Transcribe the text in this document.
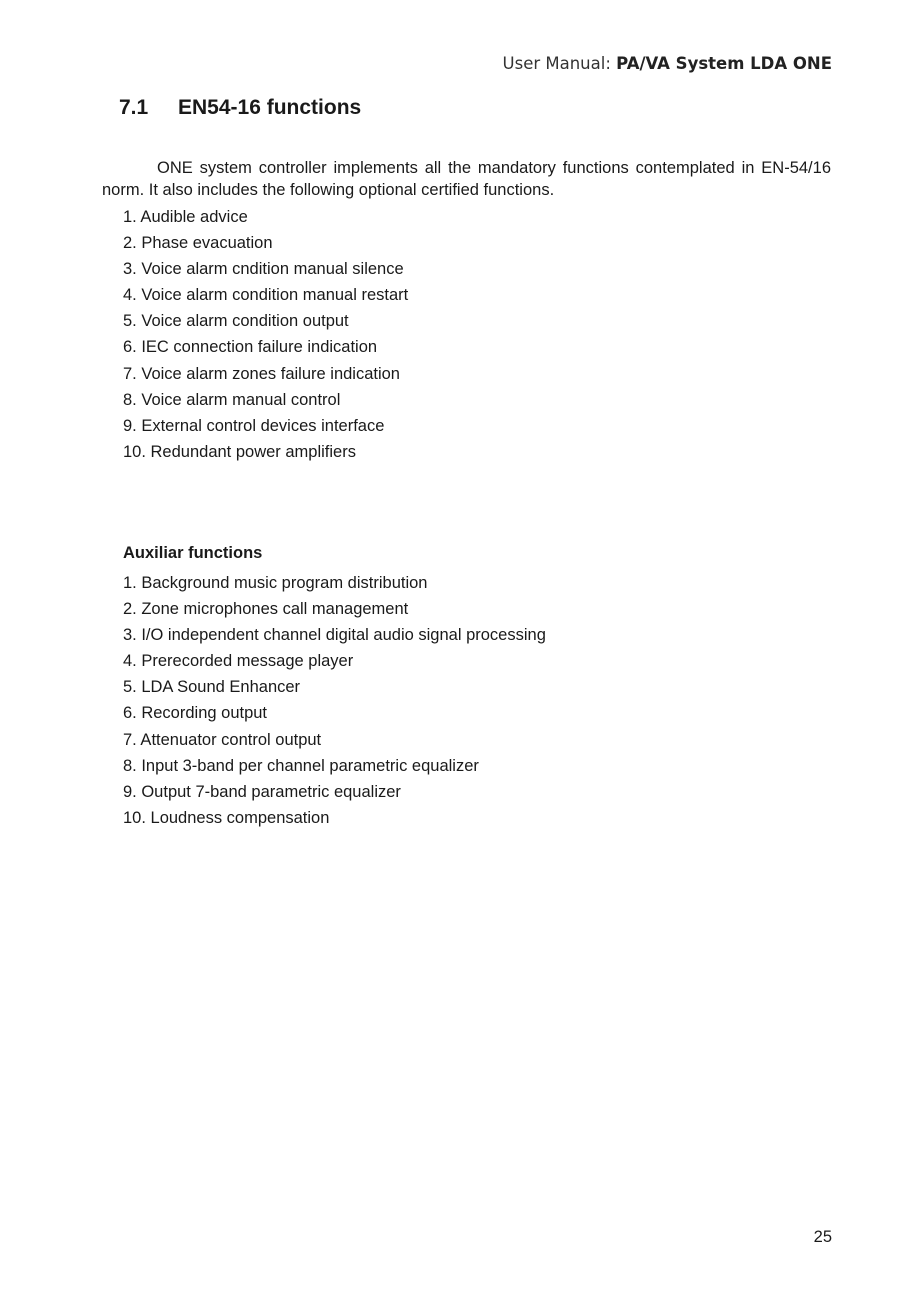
User Manual: PA/VA System LDA ONE
7.1 EN54-16 functions

ONE system controller implements all the mandatory functions contemplated in EN-54/16 norm. It also includes the following optional certified functions.

1. Audible advice
2. Phase evacuation
3. Voice alarm cndition manual silence
4. Voice alarm condition manual restart
5. Voice alarm condition output
6. IEC connection failure indication
7. Voice alarm zones failure indication
8. Voice alarm manual control
9. External control devices interface
10. Redundant power amplifiers
Auxiliar functions
1. Background music program distribution
2. Zone microphones call management
3. I/O independent channel digital audio signal processing
4. Prerecorded message player
5. LDA Sound Enhancer
6. Recording output
7. Attenuator control output
8. Input 3-band per channel parametric equalizer
9. Output 7-band parametric equalizer
10. Loudness compensation
25
